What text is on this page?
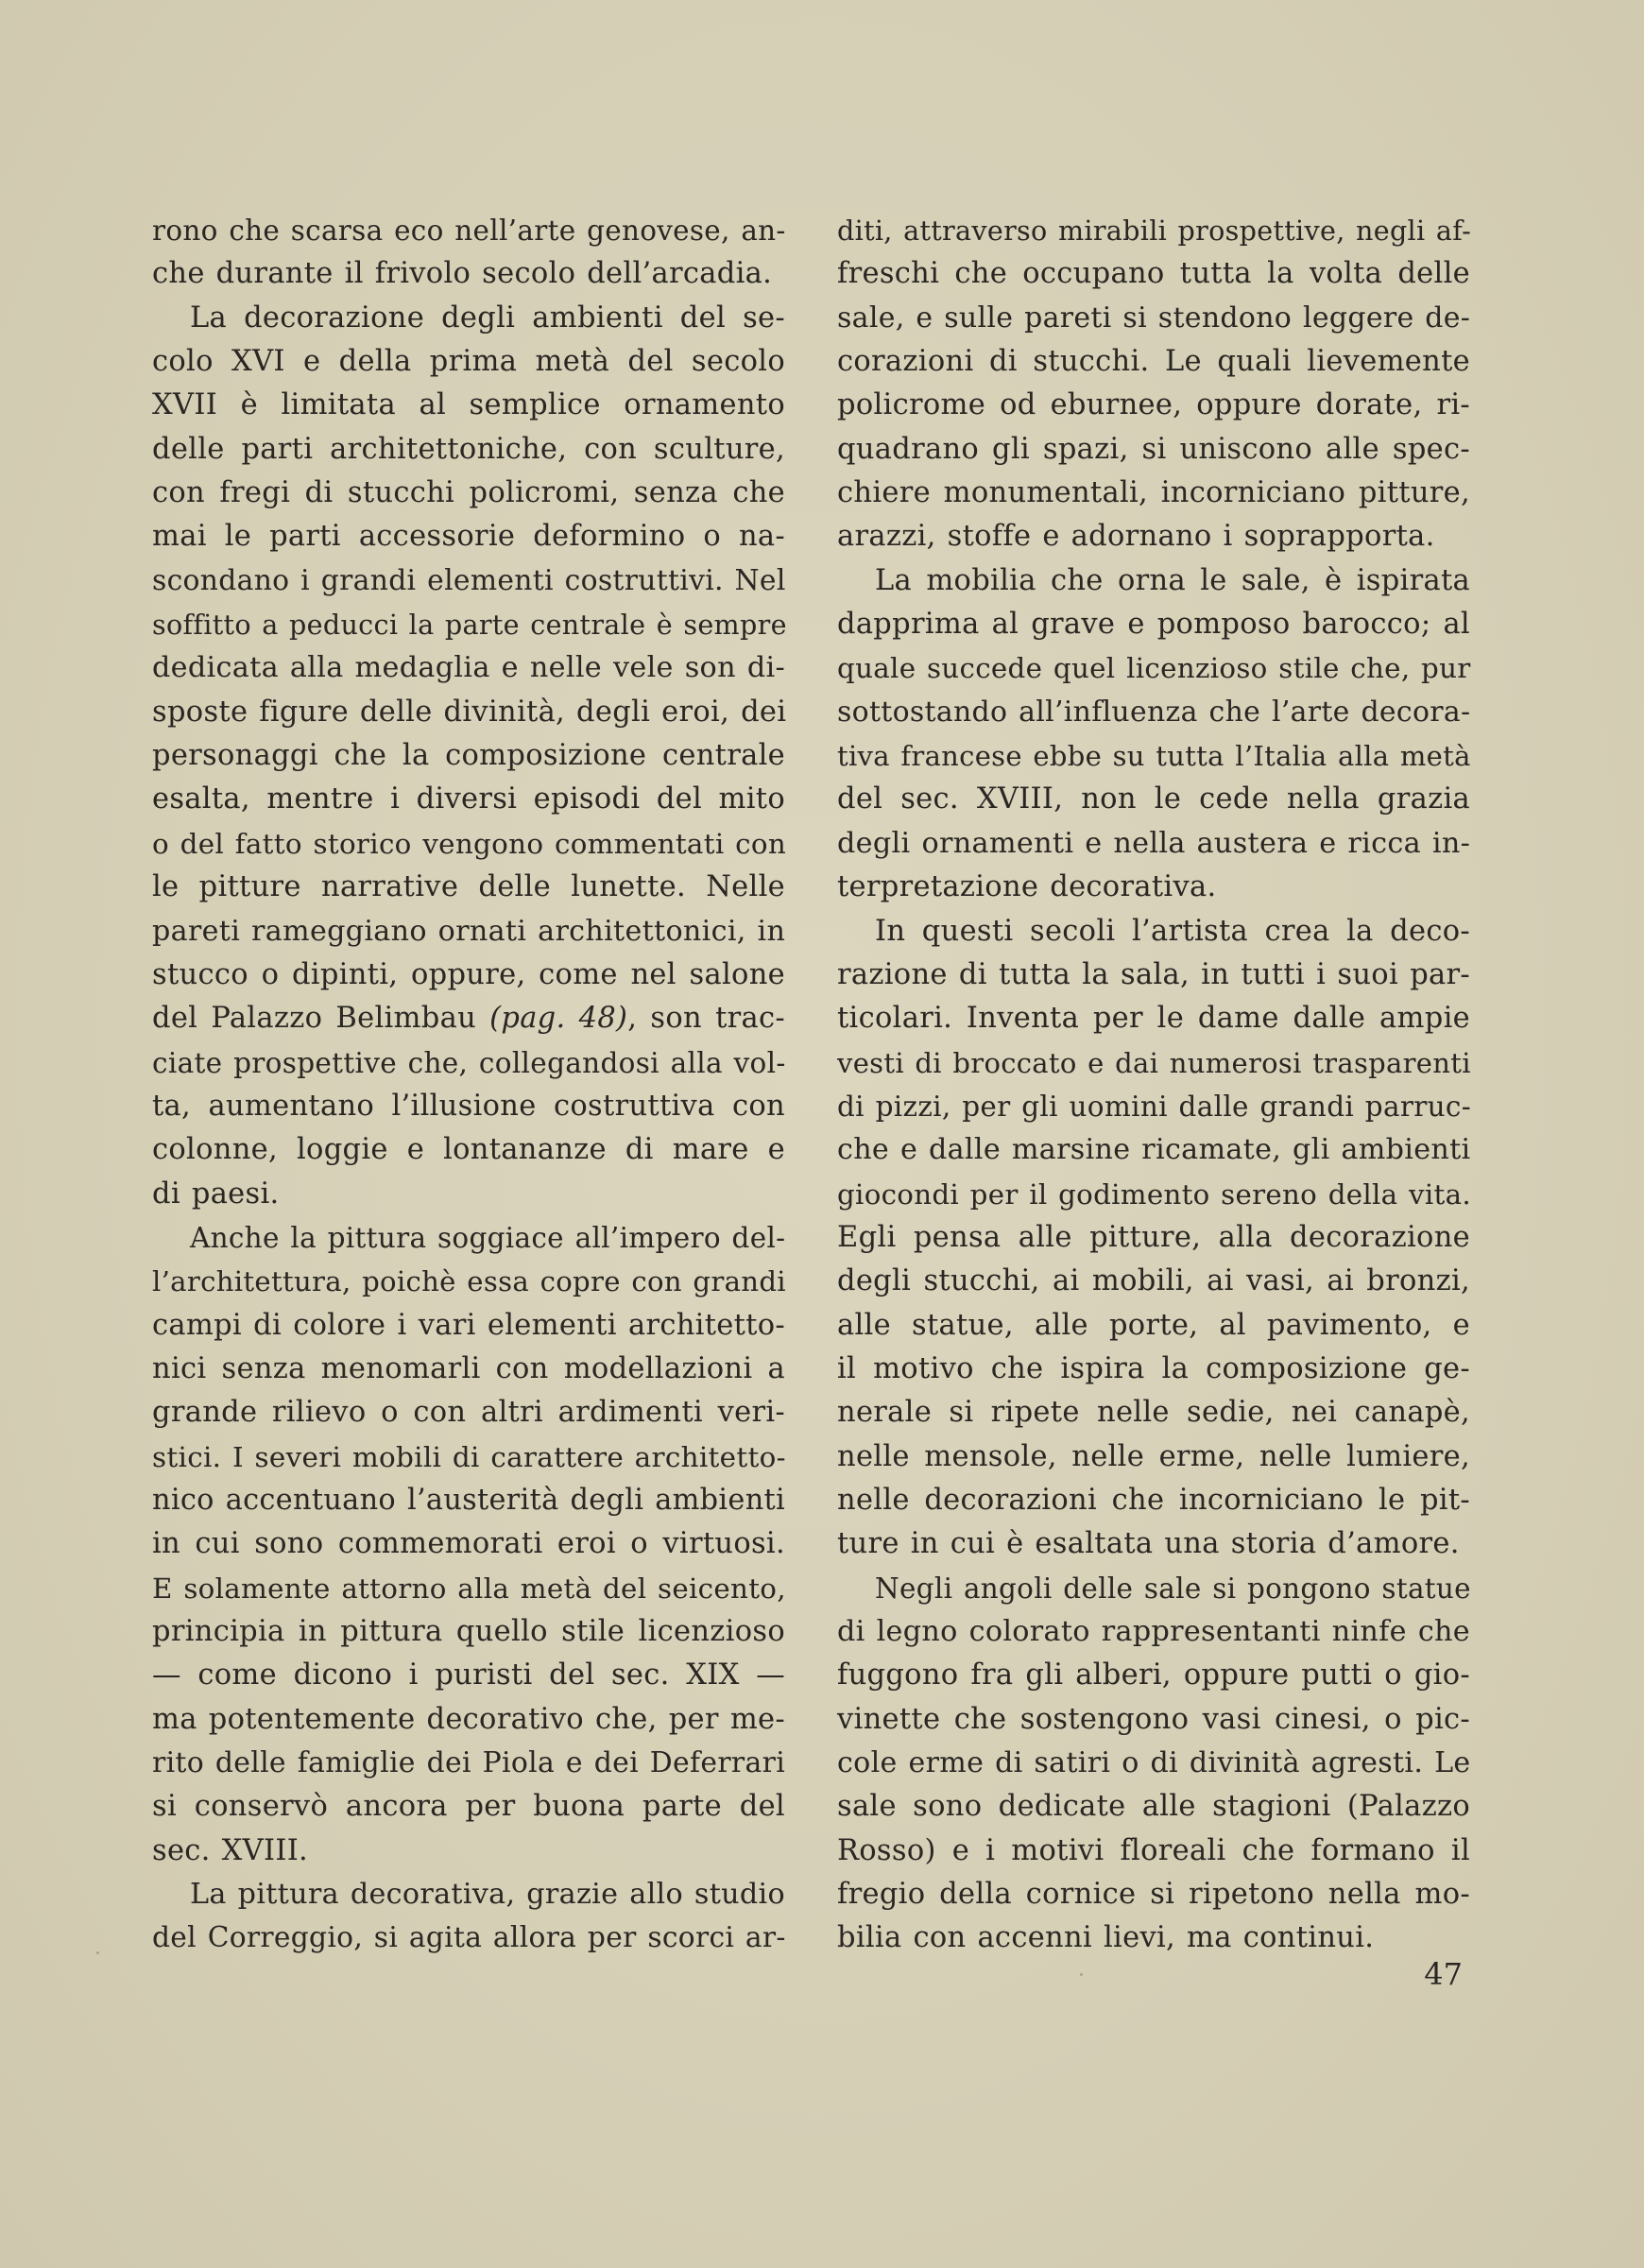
rono che scarsa eco nell’arte genovese, an-
che durante il frivolo secolo dell’arcadia.
La decorazione degli ambienti del se-
colo XVI e della prima metà del secolo
XVII è limitata al semplice ornamento
delle parti architettoniche, con sculture,
con fregi di stucchi policromi, senza che
mai le parti accessorie deformino o na-
scondano i grandi elementi costruttivi. Nel
soffitto a peducci la parte centrale è sempre
dedicata alla medaglia e nelle vele son di-
sposte figure delle divinità, degli eroi, dei
personaggi che la composizione centrale
esalta, mentre i diversi episodi del mito
o del fatto storico vengono commentati con
le pitture narrative delle lunette. Nelle
pareti rameggiano ornati architettonici, in
stucco o dipinti, oppure, come nel salone
del Palazzo Belimbau (pag. 48), son trac-
ciate prospettive che, collegandosi alla vol-
ta, aumentano l’illusione costruttiva con
colonne, loggie e lontananze di mare e
di paesi.
Anche la pittura soggiace all’impero del-
l’architettura, poichè essa copre con grandi
campi di colore i vari elementi architetto-
nici senza menomarli con modellazioni a
grande rilievo o con altri ardimenti veri-
stici. I severi mobili di carattere architetto-
nico accentuano l’austerità degli ambienti
in cui sono commemorati eroi o virtuosi.
E solamente attorno alla metà del seicento,
principia in pittura quello stile licenzioso
— come dicono i puristi del sec. XIX —
ma potentemente decorativo che, per me-
rito delle famiglie dei Piola e dei Deferrari
si conservò ancora per buona parte del
sec. XVIII.
La pittura decorativa, grazie allo studio
del Correggio, si agita allora per scorci ar-
diti, attraverso mirabili prospettive, negli af-
freschi che occupano tutta la volta delle
sale, e sulle pareti si stendono leggere de-
corazioni di stucchi. Le quali lievemente
policrome od eburnee, oppure dorate, ri-
quadrano gli spazi, si uniscono alle spec-
chiere monumentali, incorniciano pitture,
arazzi, stoffe e adornano i soprapporta.
La mobilia che orna le sale, è ispirata
dapprima al grave e pomposo barocco; al
quale succede quel licenzioso stile che, pur
sottostando all’influenza che l’arte decora-
tiva francese ebbe su tutta l’Italia alla metà
del sec. XVIII, non le cede nella grazia
degli ornamenti e nella austera e ricca in-
terpretazione decorativa.
In questi secoli l’artista crea la deco-
razione di tutta la sala, in tutti i suoi par-
ticolari. Inventa per le dame dalle ampie
vesti di broccato e dai numerosi trasparenti
di pizzi, per gli uomini dalle grandi parruc-
che e dalle marsine ricamate, gli ambienti
giocondi per il godimento sereno della vita.
Egli pensa alle pitture, alla decorazione
degli stucchi, ai mobili, ai vasi, ai bronzi,
alle statue, alle porte, al pavimento, e
il motivo che ispira la composizione ge-
nerale si ripete nelle sedie, nei canapè,
nelle mensole, nelle erme, nelle lumiere,
nelle decorazioni che incorniciano le pit-
ture in cui è esaltata una storia d’amore.
Negli angoli delle sale si pongono statue
di legno colorato rappresentanti ninfe che
fuggono fra gli alberi, oppure putti o gio-
vinette che sostengono vasi cinesi, o pic-
cole erme di satiri o di divinità agresti. Le
sale sono dedicate alle stagioni (Palazzo
Rosso) e i motivi floreali che formano il
fregio della cornice si ripetono nella mo-
bilia con accenni lievi, ma continui.
47
